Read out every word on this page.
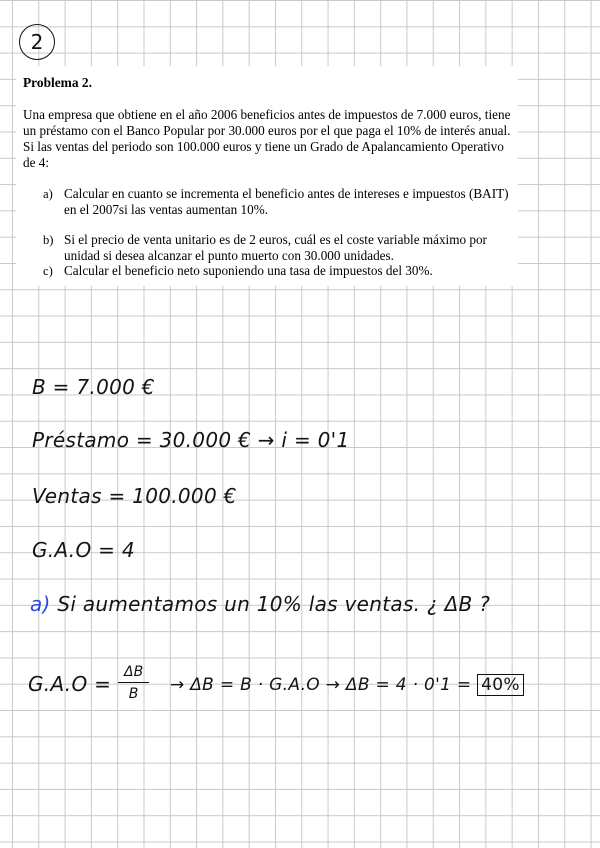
2
Problema 2.
Una empresa que obtiene en el año 2006 beneficios antes de impuestos de 7.000 euros, tiene un préstamo con el Banco Popular por 30.000 euros por el que paga el 10% de interés anual. Si las ventas del periodo son 100.000 euros y tiene un Grado de Apalancamiento Operativo de 4:
a) Calcular en cuanto se incrementa el beneficio antes de intereses e impuestos (BAIT) en el 2007si las ventas aumentan 10%.
b) Si el precio de venta unitario es de 2 euros, cuál es el coste variable máximo por unidad si desea alcanzar el punto muerto con 30.000 unidades.
c) Calcular el beneficio neto suponiendo una tasa de impuestos del 30%.
B = 7.000 €
Préstamo = 30.000 € → i = 0'1
Ventas = 100.000 €
G.A.O = 4
a) Si aumentamos un 10% las ventas. ¿ ΔB ?
$G.A.O = \frac{\Delta B}{B} \to \Delta B = B \cdot G.A.O \to \Delta B = 4 \cdot 0'1 = 40\%$
